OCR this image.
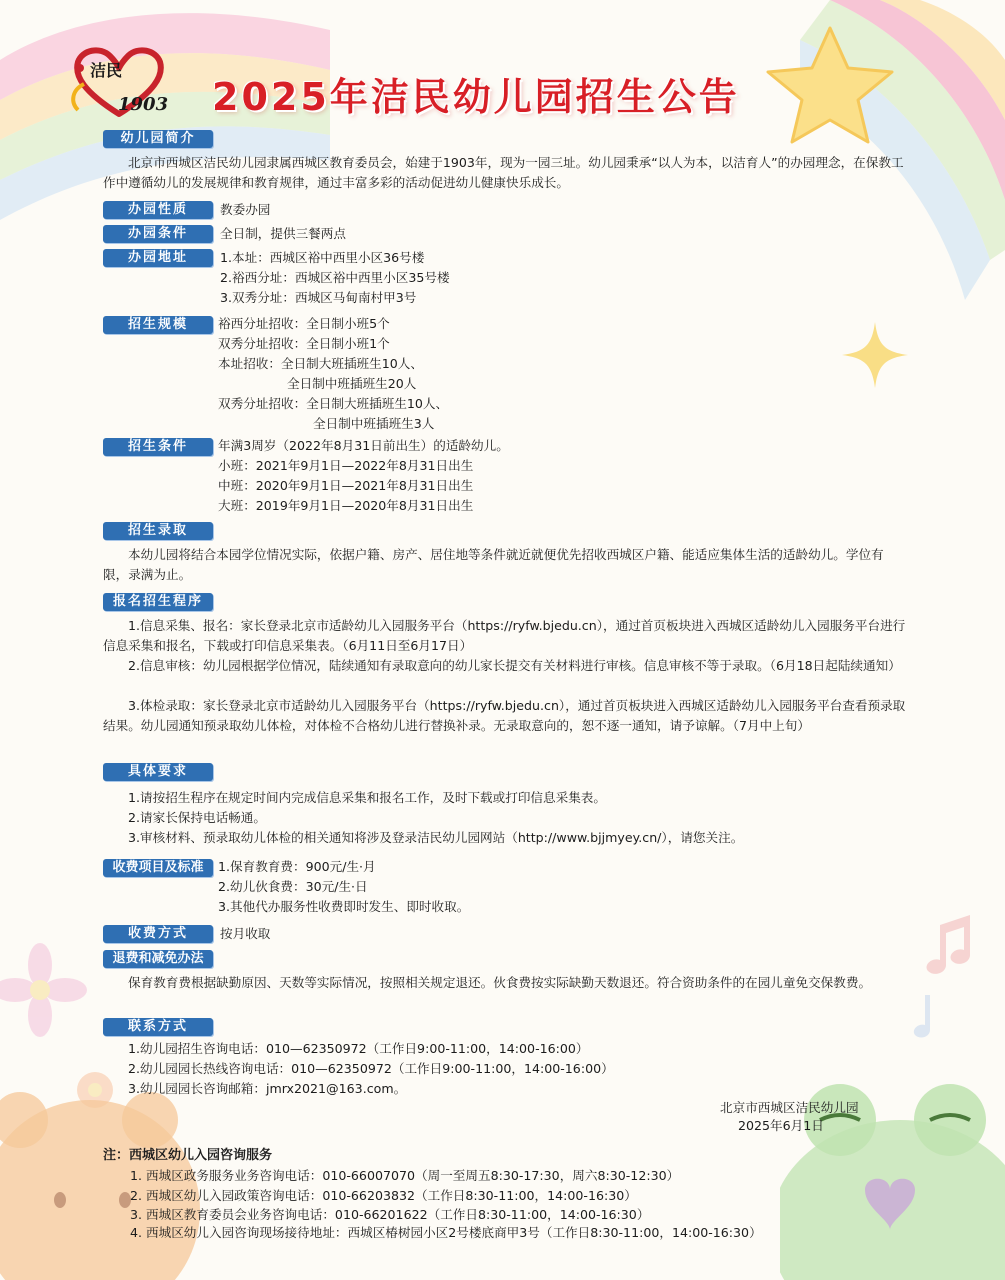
洁民
1903 2025年洁民幼儿园招生公告
幼儿园简介
北京市西城区洁民幼儿园隶属西城区教育委员会，始建于1903年，现为一园三址。幼儿园秉承“以人为本，以洁育人”的办园理念，在保教工作中遵循幼儿的发展规律和教育规律，通过丰富多彩的活动促进幼儿健康快乐成长。
办园性质	教委办园
办园条件	全日制，提供三餐两点
办园地址	1.本址：西城区裕中西里小区36号楼
2.裕西分址：西城区裕中西里小区35号楼
3.双秀分址：西城区马甸南村甲3号
招生规模	裕西分址招收：全日制小班5个
双秀分址招收：全日制小班1个
本址招收：全日制大班插班生10人、
全日制中班插班生20人
双秀分址招收：全日制大班插班生10人、
全日制中班插班生3人
招生条件	年满3周岁（2022年8月31日前出生）的适龄幼儿。
小班：2021年9月1日—2022年8月31日出生
中班：2020年9月1日—2021年8月31日出生
大班：2019年9月1日—2020年8月31日出生
招生录取
本幼儿园将结合本园学位情况实际，依据户籍、房产、居住地等条件就近就便优先招收西城区户籍、能适应集体生活的适龄幼儿。学位有限，录满为止。
报名招生程序
1.信息采集、报名：家长登录北京市适龄幼儿入园服务平台（https://ryfw.bjedu.cn），通过首页板块进入西城区适龄幼儿入园服务平台进行信息采集和报名，下载或打印信息采集表。（6月11日至6月17日）
2.信息审核：幼儿园根据学位情况，陆续通知有录取意向的幼儿家长提交有关材料进行审核。信息审核不等于录取。（6月18日起陆续通知）
3.体检录取：家长登录北京市适龄幼儿入园服务平台（https://ryfw.bjedu.cn），通过首页板块进入西城区适龄幼儿入园服务平台查看预录取结果。幼儿园通知预录取幼儿体检，对体检不合格幼儿进行替换补录。无录取意向的，恕不逐一通知，请予谅解。（7月中上旬）
具体要求
1.请按招生程序在规定时间内完成信息采集和报名工作，及时下载或打印信息采集表。
2.请家长保持电话畅通。
3.审核材料、预录取幼儿体检的相关通知将涉及登录洁民幼儿园网站（http://www.bjjmyey.cn/），请您关注。
收费项目及标准	1.保育教育费：900元/生·月
2.幼儿伙食费：30元/生·日
3.其他代办服务性收费即时发生、即时收取。
收费方式	按月收取
退费和减免办法
保育教育费根据缺勤原因、天数等实际情况，按照相关规定退还。伙食费按实际缺勤天数退还。符合资助条件的在园儿童免交保教费。
联系方式
1.幼儿园招生咨询电话：010—62350972（工作日9:00-11:00，14:00-16:00）
2.幼儿园园长热线咨询电话：010—62350972（工作日9:00-11:00，14:00-16:00）
3.幼儿园园长咨询邮箱：jmrx2021@163.com。
北京市西城区洁民幼儿园
2025年6月1日
注：西城区幼儿入园咨询服务
1. 西城区政务服务业务咨询电话：010-66007070（周一至周五8:30-17:30，周六8:30-12:30）
2. 西城区幼儿入园政策咨询电话：010-66203832（工作日8:30-11:00，14:00-16:30）
3. 西城区教育委员会业务咨询电话：010-66201622（工作日8:30-11:00，14:00-16:30）
4. 西城区幼儿入园咨询现场接待地址：西城区椿树园小区2号楼底商甲3号（工作日8:30-11:00，14:00-16:30）
